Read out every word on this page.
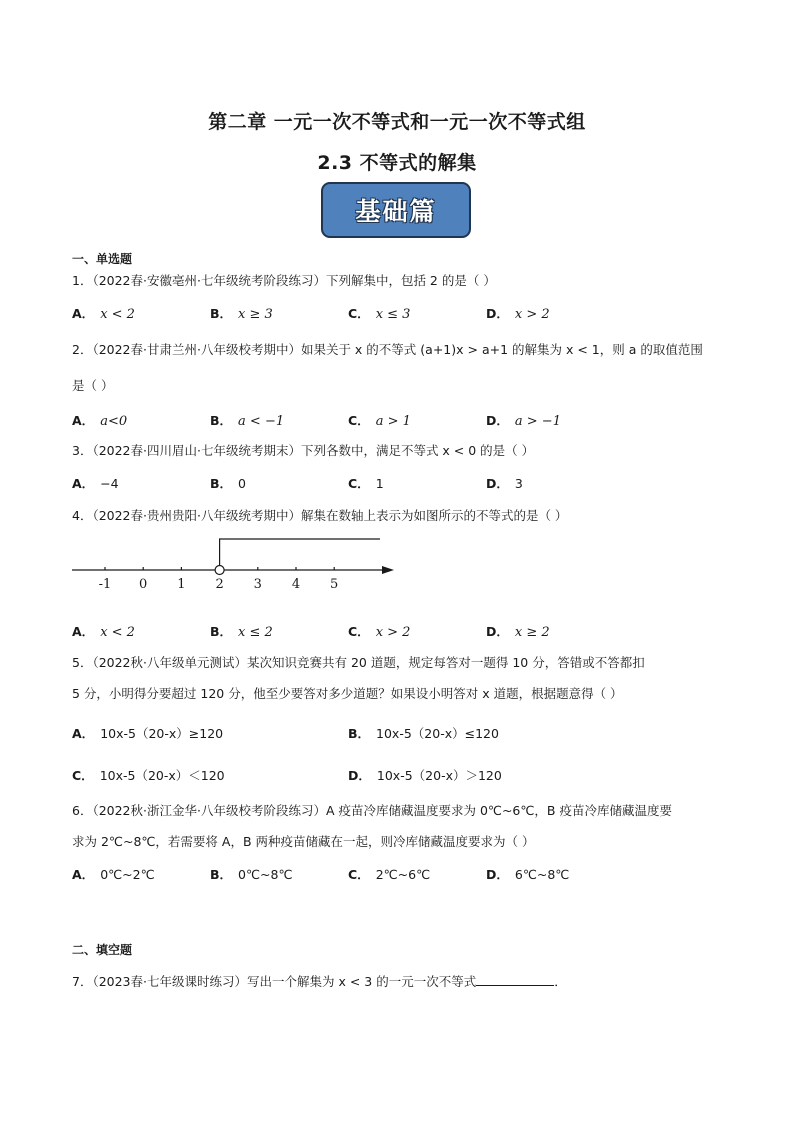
第二章 一元一次不等式和一元一次不等式组
2.3 不等式的解集
基础篇
一、单选题
1．（2022春·安徽亳州·七年级统考阶段练习）下列解集中，包括 2 的是（ ）
A． x < 2	B． x ≥ 3	C． x ≤ 3	D． x > 2
2．（2022春·甘肃兰州·八年级校考期中）如果关于 x 的不等式 (a+1)x > a+1 的解集为 x < 1，则 a 的取值范围
是（ ）
A． a<0	B． a < −1	C． a > 1	D． a > −1
3．（2022春·四川眉山·七年级统考期末）下列各数中，满足不等式 x < 0 的是（ ）
A． −4	B． 0	C． 1	D． 3
4．（2022春·贵州贵阳·八年级统考期中）解集在数轴上表示为如图所示的不等式的是（ ）
-1 0 1 2 3 4 5
A． x < 2	B． x ≤ 2	C． x > 2	D． x ≥ 2
5．（2022秋·八年级单元测试）某次知识竞赛共有 20 道题，规定每答对一题得 10 分，答错或不答都扣
5 分，小明得分要超过 120 分，他至少要答对多少道题？如果设小明答对 x 道题，根据题意得（ ）
A． 10x-5（20-x）≥120	B． 10x-5（20-x）≤120
C． 10x-5（20-x）＜120	D． 10x-5（20-x）＞120
6．（2022秋·浙江金华·八年级校考阶段练习）A 疫苗冷库储藏温度要求为 0℃~6℃，B 疫苗冷库储藏温度要
求为 2℃~8℃，若需要将 A，B 两种疫苗储藏在一起，则冷库储藏温度要求为（ ）
A． 0℃~2℃	B． 0℃~8℃	C． 2℃~6℃	D． 6℃~8℃
二、填空题
7．（2023春·七年级课时练习）写出一个解集为 x < 3 的一元一次不等式	．
